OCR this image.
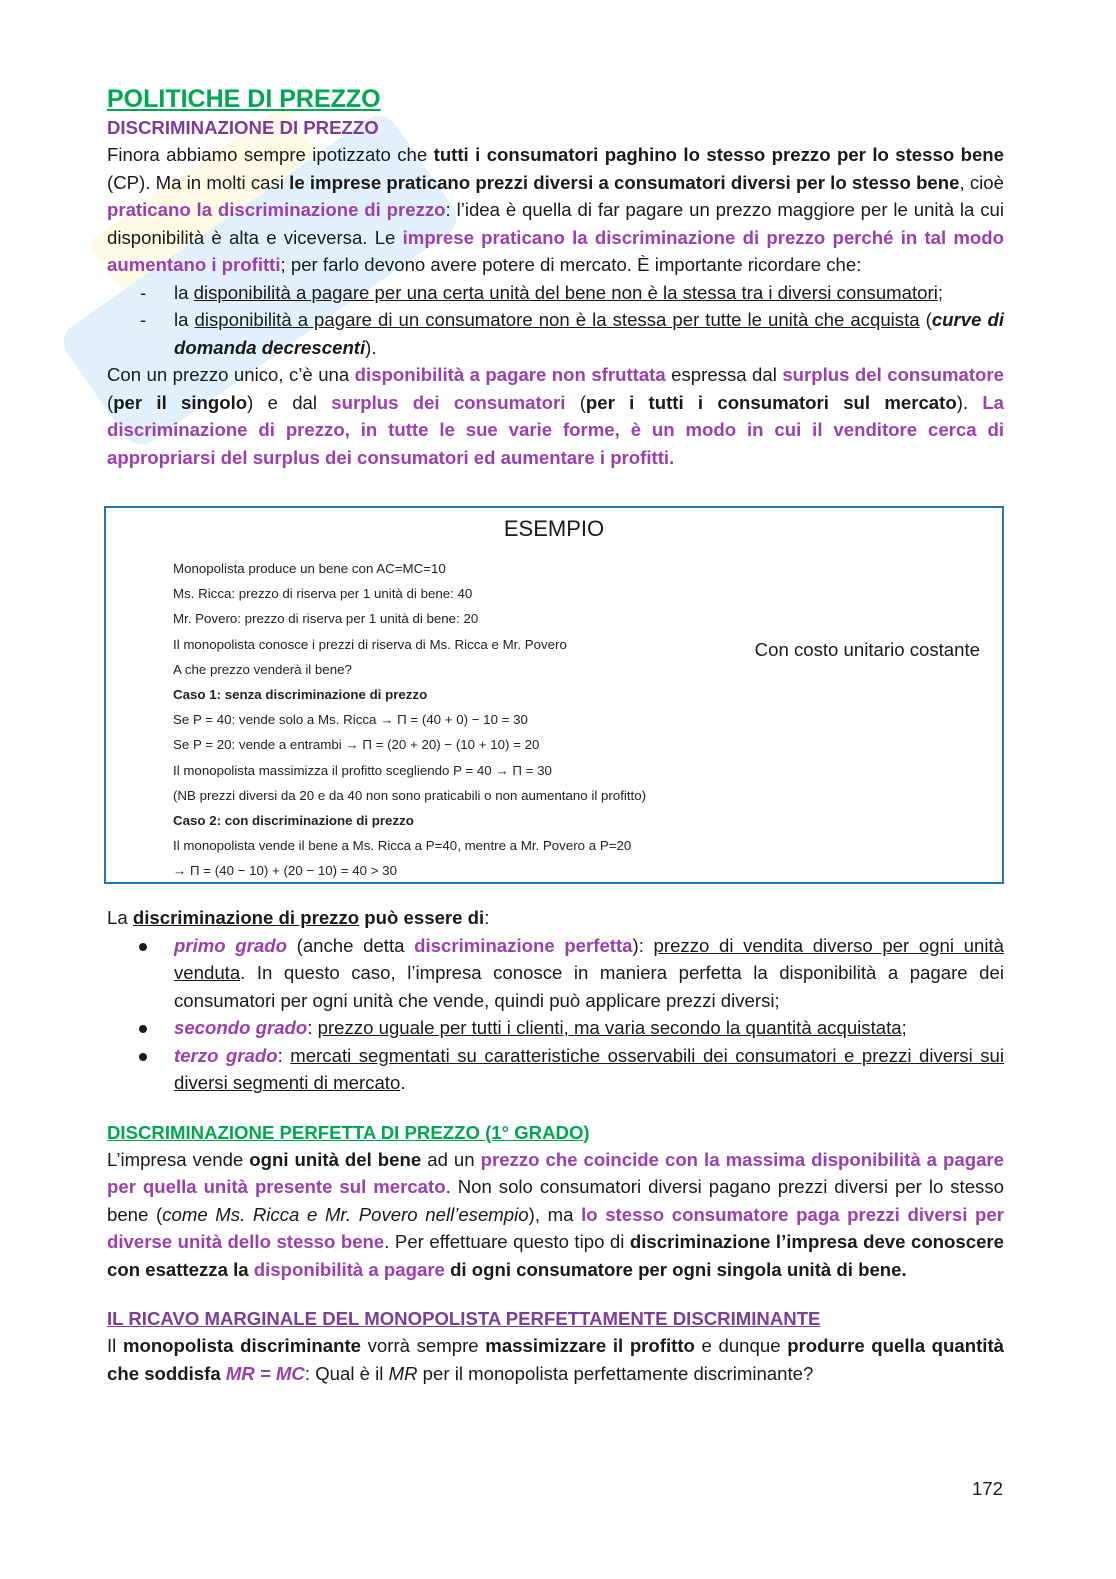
POLITICHE DI PREZZO
DISCRIMINAZIONE DI PREZZO

Finora abbiamo sempre ipotizzato che tutti i consumatori paghino lo stesso prezzo per lo stesso bene (CP). Ma in molti casi le imprese praticano prezzi diversi a consumatori diversi per lo stesso bene, cioè praticano la discriminazione di prezzo: l’idea è quella di far pagare un prezzo maggiore per le unità la cui disponibilità è alta e viceversa. Le imprese praticano la discriminazione di prezzo perché in tal modo aumentano i profitti; per farlo devono avere potere di mercato. È importante ricordare che:

- la disponibilità a pagare per una certa unità del bene non è la stessa tra i diversi consumatori;
- la disponibilità a pagare di un consumatore non è la stessa per tutte le unità che acquista (curve di domanda decrescenti).

Con un prezzo unico, c’è una disponibilità a pagare non sfruttata espressa dal surplus del consumatore (per il singolo) e dal surplus dei consumatori (per i tutti i consumatori sul mercato). La discriminazione di prezzo, in tutte le sue varie forme, è un modo in cui il venditore cerca di appropriarsi del surplus dei consumatori ed aumentare i profitti.

ESEMPIO
Monopolista produce un bene con AC=MC=10
Ms. Ricca: prezzo di riserva per 1 unità di bene: 40
Mr. Povero: prezzo di riserva per 1 unità di bene: 20
Il monopolista conosce i prezzi di riserva di Ms. Ricca e Mr. Povero
A che prezzo venderà il bene?
Caso 1: senza discriminazione di prezzo
Se P = 40: vende solo a Ms. Ricca → Π = (40 + 0) − 10 = 30
Se P = 20: vende a entrambi → Π = (20 + 20) − (10 + 10) = 20
Il monopolista massimizza il profitto scegliendo P = 40 → Π = 30
(NB prezzi diversi da 20 e da 40 non sono praticabili o non aumentano il profitto)
Caso 2: con discriminazione di prezzo
Il monopolista vende il bene a Ms. Ricca a P=40, mentre a Mr. Povero a P=20
→ Π = (40 − 10) + (20 − 10) = 40 > 30
Con costo unitario costante

La discriminazione di prezzo può essere di:

primo grado (anche detta discriminazione perfetta): prezzo di vendita diverso per ogni unità venduta. In questo caso, l’impresa conosce in maniera perfetta la disponibilità a pagare dei consumatori per ogni unità che vende, quindi può applicare prezzi diversi;
secondo grado: prezzo uguale per tutti i clienti, ma varia secondo la quantità acquistata;
terzo grado: mercati segmentati su caratteristiche osservabili dei consumatori e prezzi diversi sui diversi segmenti di mercato.
DISCRIMINAZIONE PERFETTA DI PREZZO (1° GRADO)

L’impresa vende ogni unità del bene ad un prezzo che coincide con la massima disponibilità a pagare per quella unità presente sul mercato. Non solo consumatori diversi pagano prezzi diversi per lo stesso bene (come Ms. Ricca e Mr. Povero nell’esempio), ma lo stesso consumatore paga prezzi diversi per diverse unità dello stesso bene. Per effettuare questo tipo di discriminazione l’impresa deve conoscere con esattezza la disponibilità a pagare di ogni consumatore per ogni singola unità di bene.

IL RICAVO MARGINALE DEL MONOPOLISTA PERFETTAMENTE DISCRIMINANTE

Il monopolista discriminante vorrà sempre massimizzare il profitto e dunque produrre quella quantità che soddisfa MR = MC: Qual è il MR per il monopolista perfettamente discriminante?

172
